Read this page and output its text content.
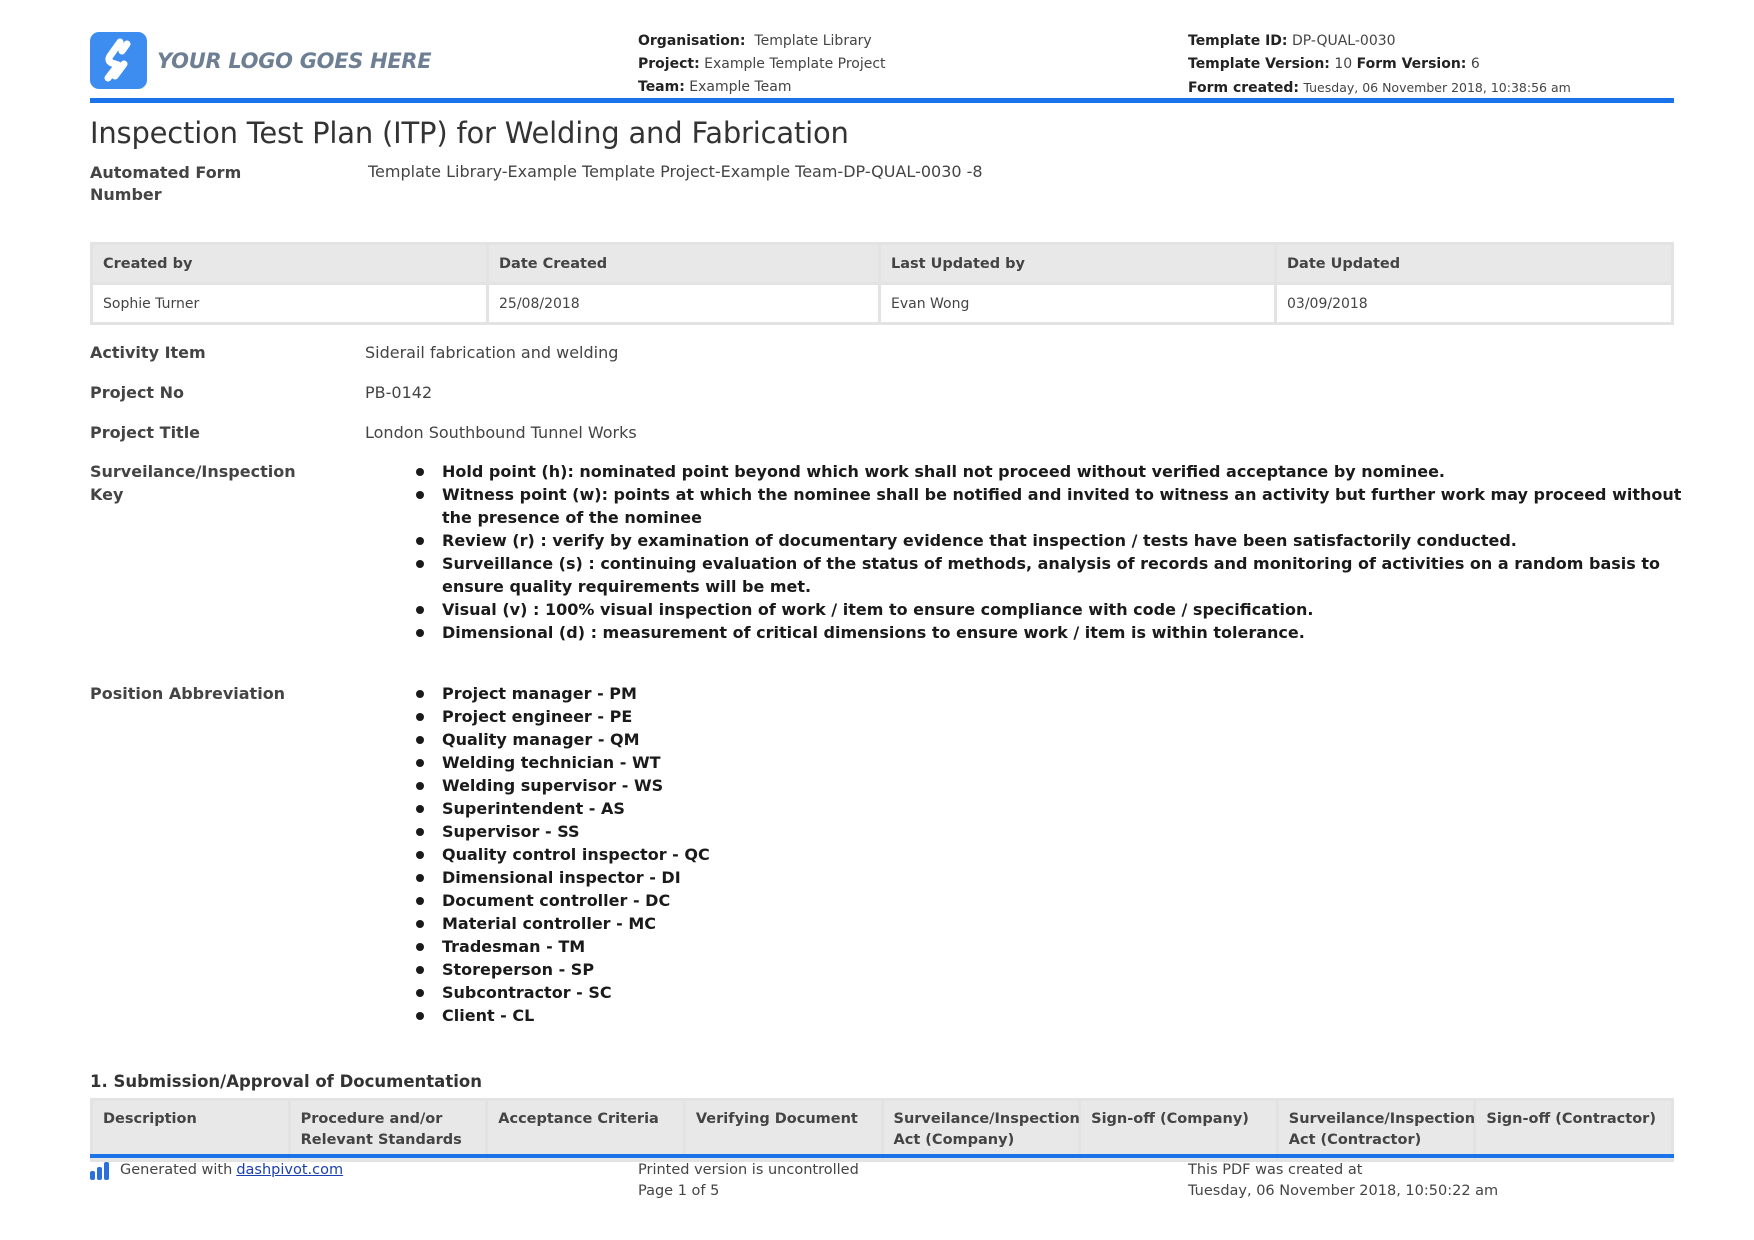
YOUR LOGO GOES HERE
Organisation: Template Library
Project: Example Template Project
Team: Example Team
Template ID: DP-QUAL-0030
Template Version: 10 Form Version: 6
Form created: Tuesday, 06 November 2018, 10:38:56 am
Inspection Test Plan (ITP) for Welding and Fabrication
Automated Form Number
Template Library-Example Template Project-Example Team-DP-QUAL-0030 -8
Created by	Date Created	Last Updated by	Date Updated
Sophie Turner	25/08/2018	Evan Wong	03/09/2018
Activity Item	Siderail fabrication and welding
Project No	PB-0142
Project Title	London Southbound Tunnel Works
Surveilance/Inspection Key
Hold point (h): nominated point beyond which work shall not proceed without verified acceptance by nominee.
Witness point (w): points at which the nominee shall be notified and invited to witness an activity but further work may proceed without the presence of the nominee
Review (r) : verify by examination of documentary evidence that inspection / tests have been satisfactorily conducted.
Surveillance (s) : continuing evaluation of the status of methods, analysis of records and monitoring of activities on a random basis to ensure quality requirements will be met.
Visual (v) : 100% visual inspection of work / item to ensure compliance with code / specification.
Dimensional (d) : measurement of critical dimensions to ensure work / item is within tolerance.
Position Abbreviation	Project manager - PM
Project engineer - PE
Quality manager - QM
Welding technician - WT
Welding supervisor - WS
Superintendent - AS
Supervisor - SS
Quality control inspector - QC
Dimensional inspector - DI
Document controller - DC
Material controller - MC
Tradesman - TM
Storeperson - SP
Subcontractor - SC
Client - CL
1. Submission/Approval of Documentation
Description	Procedure and/or Relevant Standards	Acceptance Criteria	Verifying Document	Surveilance/Inspection Act (Company)	Sign-off (Company)	Surveilance/Inspection Act (Contractor)	Sign-off (Contractor)
Generated with dashpivot.com	Printed version is uncontrolled
Page 1 of 5
This PDF was created at
Tuesday, 06 November 2018, 10:50:22 am
